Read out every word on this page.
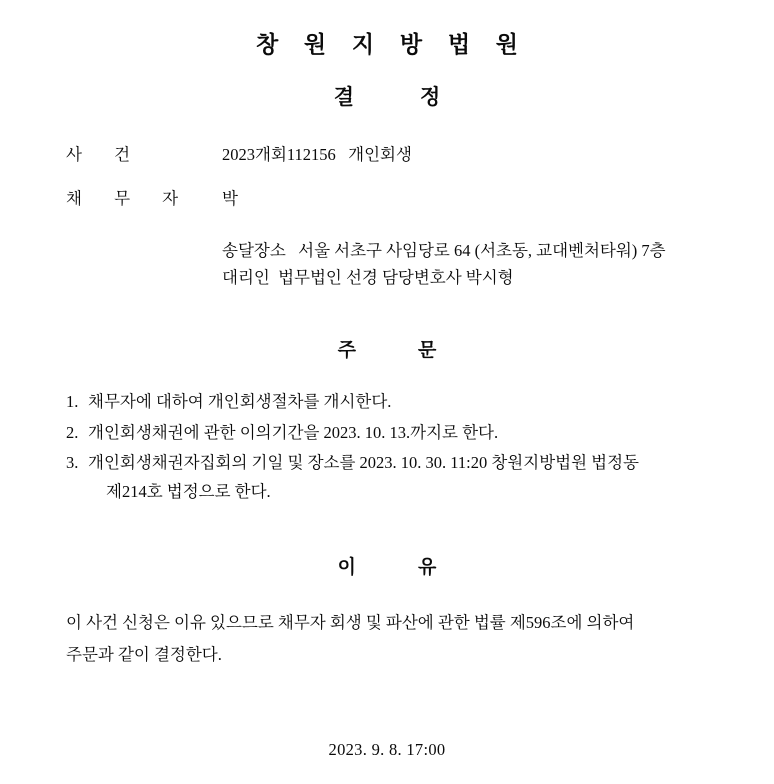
창 원 지 방 법 원
결	정
사 건	2023개회112156   개인회생
채 무 자	박
송달장소   서울 서초구 사임당로 64 (서초동, 교대벤처타워) 7층
대리인  법무법인 선경 담당변호사 박시형
주	문
1. 채무자에 대하여 개인회생절차를 개시한다.
2. 개인회생채권에 관한 이의기간을 2023. 10. 13.까지로 한다.
3. 개인회생채권자집회의 기일 및 장소를 2023. 10. 30. 11:20 창원지방법원 법정동
제214호 법정으로 한다.
이	유
이 사건 신청은 이유 있으므로 채무자 회생 및 파산에 관한 법률 제596조에 의하여
주문과 같이 결정한다.
2023. 9. 8. 17:00
